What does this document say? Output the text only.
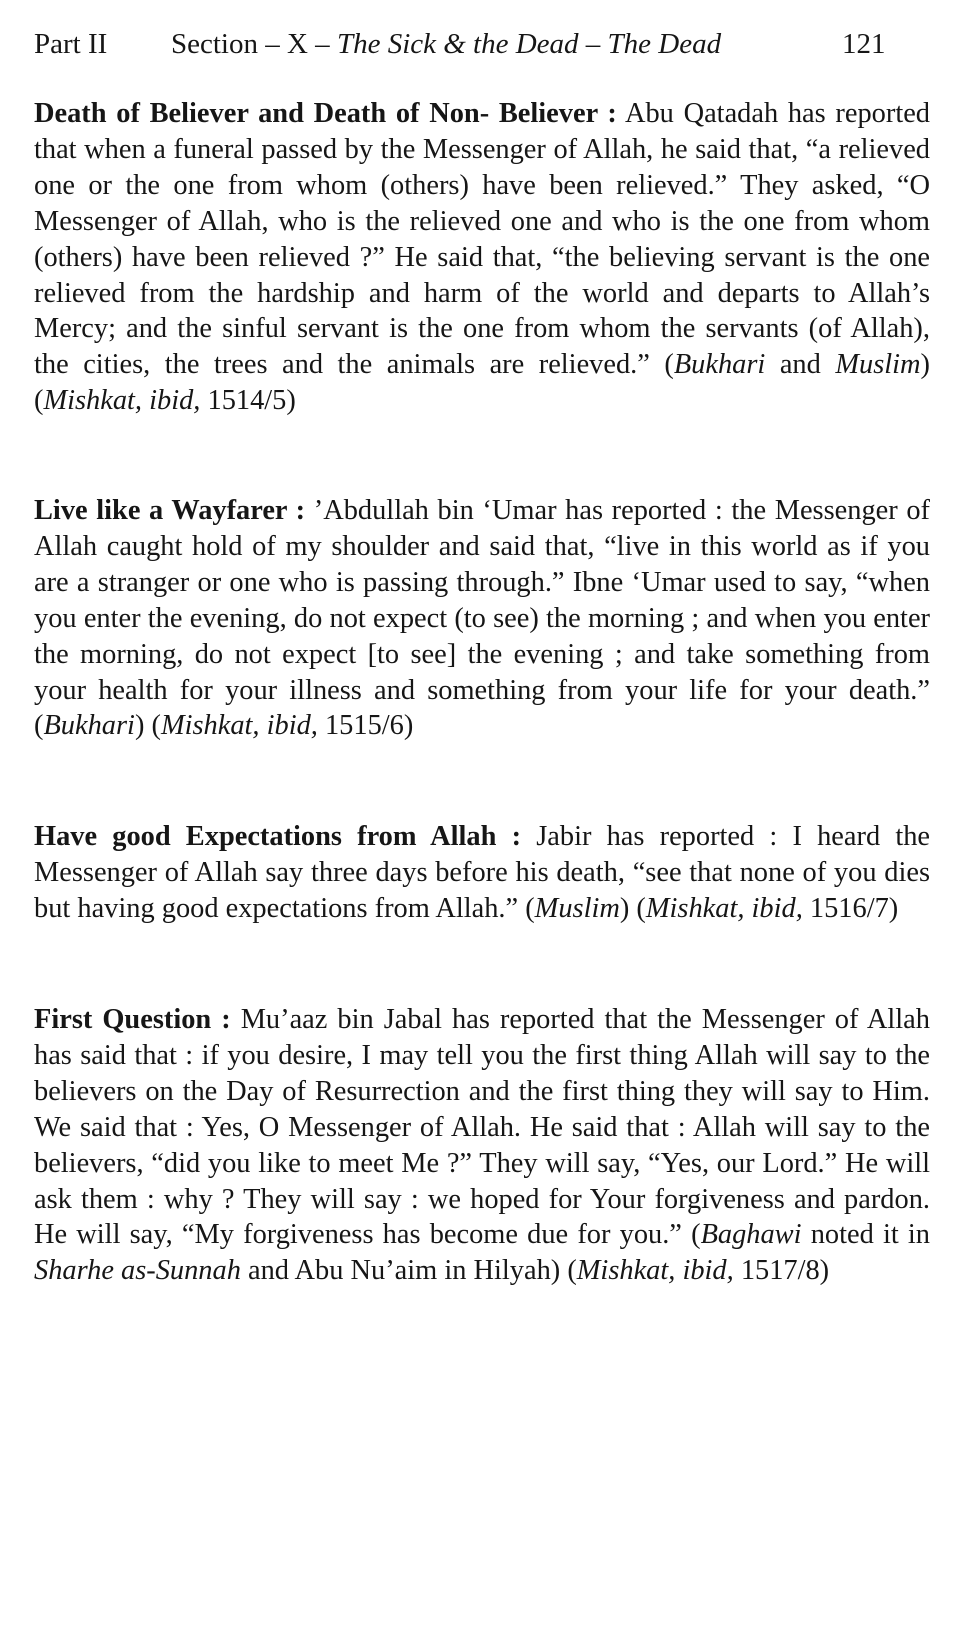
Part II Section – X – The Sick & the Dead – The Dead	121

Death of Believer and Death of Non- Believer : Abu Qatadah has reported that when a funeral passed by the Messenger of Allah, he said that, “a relieved one or the one from whom (others) have been relieved.” They asked, “O Messenger of Allah, who is the relieved one and who is the one from whom (others) have been relieved ?” He said that, “the believing servant is the one relieved from the hardship and harm of the world and departs to Allah’s Mercy; and the sinful servant is the one from whom the servants (of Allah), the cities, the trees and the animals are relieved.” (Bukhari and Muslim) (Mishkat, ibid, 1514/5)

Live like a Wayfarer : ’Abdullah bin ‘Umar has reported : the Messenger of Allah caught hold of my shoulder and said that, “live in this world as if you are a stranger or one who is passing through.” Ibne ‘Umar used to say, “when you enter the evening, do not expect (to see) the morning ; and when you enter the morning, do not expect [to see] the evening ; and take something from your health for your illness and something from your life for your death.” (Bukhari) (Mishkat, ibid, 1515/6)

Have good Expectations from Allah : Jabir has reported : I heard the Messenger of Allah say three days before his death, “see that none of you dies but having good expectations from Allah.” (Muslim) (Mishkat, ibid, 1516/7)

First Question : Mu’aaz bin Jabal has reported that the Messenger of Allah has said that : if you desire, I may tell you the first thing Allah will say to the believers on the Day of Resurrection and the first thing they will say to Him. We said that : Yes, O Messenger of Allah. He said that : Allah will say to the believers, “did you like to meet Me ?” They will say, “Yes, our Lord.” He will ask them : why ? They will say : we hoped for Your forgiveness and pardon. He will say, “My forgiveness has become due for you.” (Baghawi noted it in Sharhe as-Sunnah and Abu Nu’aim in Hilyah) (Mishkat, ibid, 1517/8)
